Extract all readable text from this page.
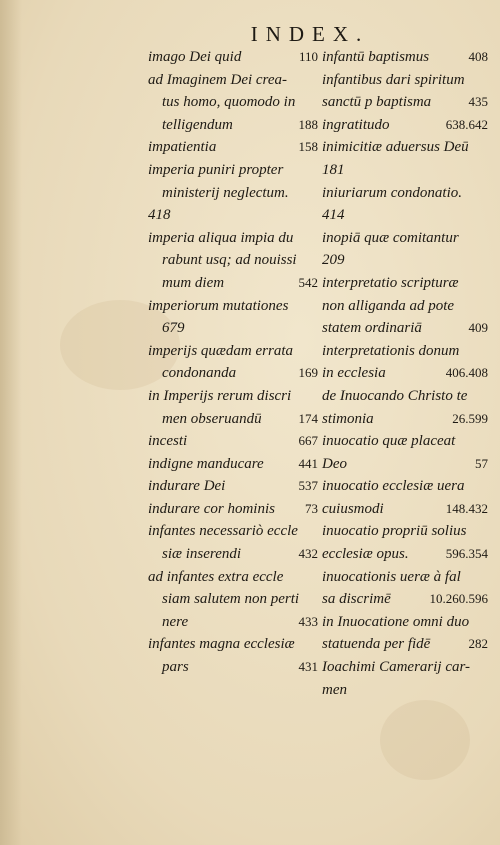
INDEX.
imago Dei quid	110
ad Imaginem Dei crea-
tus homo, quomodo in
telligendum	188
impatientia	158
imperia puniri propter
ministerij neglectum.
418
imperia aliqua impia du
rabunt usq; ad nouissi
mum diem	542
imperiorum mutationes
679
imperijs quædam errata
condonanda	169
in Imperijs rerum discri
men obseruandū	174
incesti	667
indigne manducare	441
indurare Dei	537
indurare cor hominis 73
infantes necessariò eccle
siæ inserendi	432
ad infantes extra eccle
siam salutem non perti
nere	433
infantes magna ecclesiæ
pars	431
infantū baptismus	408
infantibus dari spiritum
sanctū p baptisma	435
ingratitudo	638.642
inimicitiæ aduersus Deū
181
iniuriarum condonatio.
414
inopiā quæ comitantur
209
interpretatio scripturæ
non alliganda ad pote
statem ordinariā	409
interpretationis donum
in ecclesia	406.408
de Inuocando Christo te
stimonia	26.599
inuocatio quæ placeat
Deo	57
inuocatio ecclesiæ uera
cuiusmodi	148.432
inuocatio propriū solius
ecclesiæ opus.	596.354
inuocationis ueræ à fal
sa discrimē	10.260.596
in Inuocatione omni duo
statuenda per fidē	282
Ioachimi Camerarij car-
men
